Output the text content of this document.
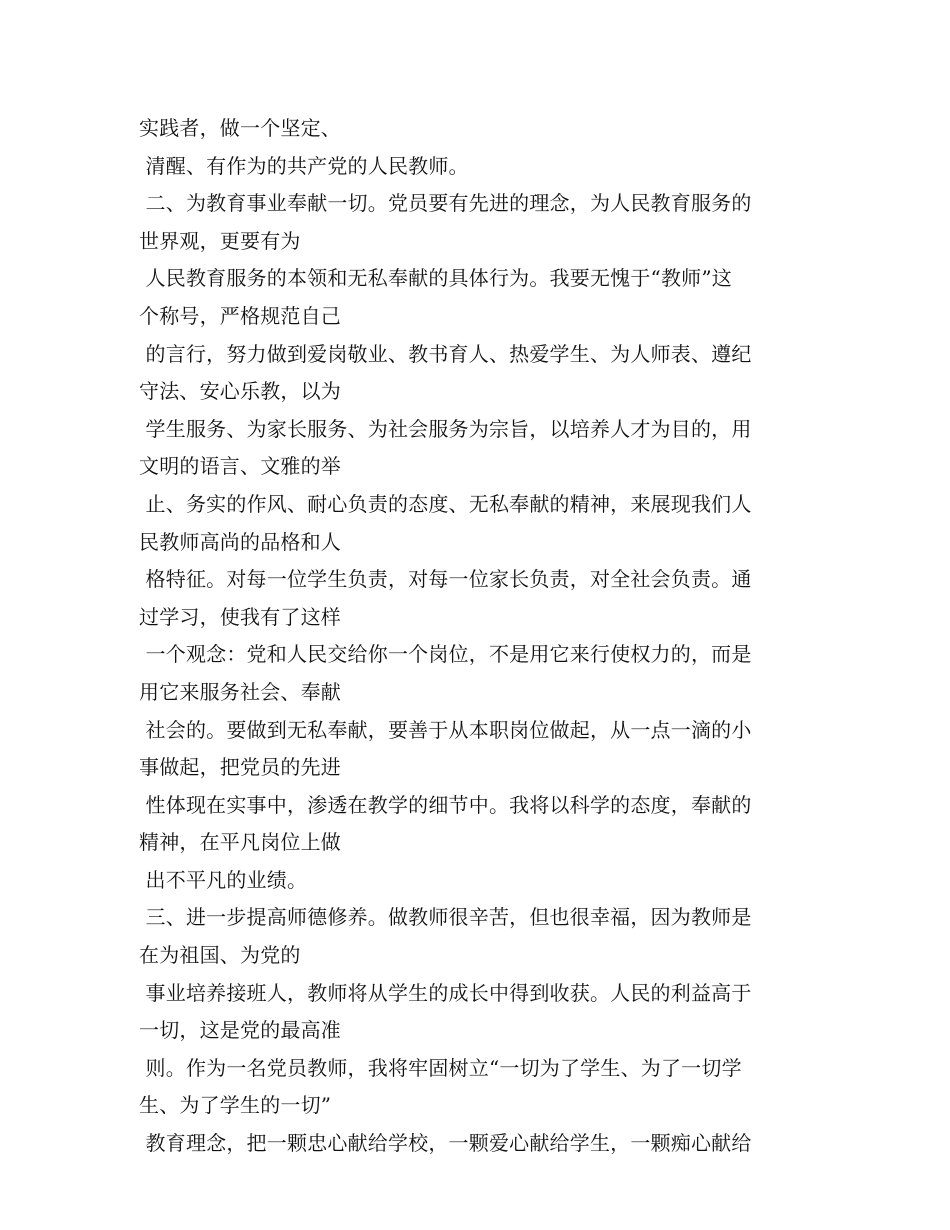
实践者，做一个坚定、
清醒、有作为的共产党的人民教师。
二、为教育事业奉献一切。党员要有先进的理念，为人民教育服务的
世界观，更要有为
人民教育服务的本领和无私奉献的具体行为。我要无愧于“教师”这
个称号，严格规范自己
的言行，努力做到爱岗敬业、教书育人、热爱学生、为人师表、遵纪
守法、安心乐教，以为
学生服务、为家长服务、为社会服务为宗旨，以培养人才为目的，用
文明的语言、文雅的举
止、务实的作风、耐心负责的态度、无私奉献的精神，来展现我们人
民教师高尚的品格和人
格特征。对每一位学生负责，对每一位家长负责，对全社会负责。通
过学习，使我有了这样
一个观念：党和人民交给你一个岗位，不是用它来行使权力的，而是
用它来服务社会、奉献
社会的。要做到无私奉献，要善于从本职岗位做起，从一点一滴的小
事做起，把党员的先进
性体现在实事中，渗透在教学的细节中。我将以科学的态度，奉献的
精神，在平凡岗位上做
出不平凡的业绩。
三、进一步提高师德修养。做教师很辛苦，但也很幸福，因为教师是
在为祖国、为党的
事业培养接班人，教师将从学生的成长中得到收获。人民的利益高于
一切，这是党的最高准
则。作为一名党员教师，我将牢固树立“一切为了学生、为了一切学
生、为了学生的一切”
教育理念，把一颗忠心献给学校，一颗爱心献给学生，一颗痴心献给
